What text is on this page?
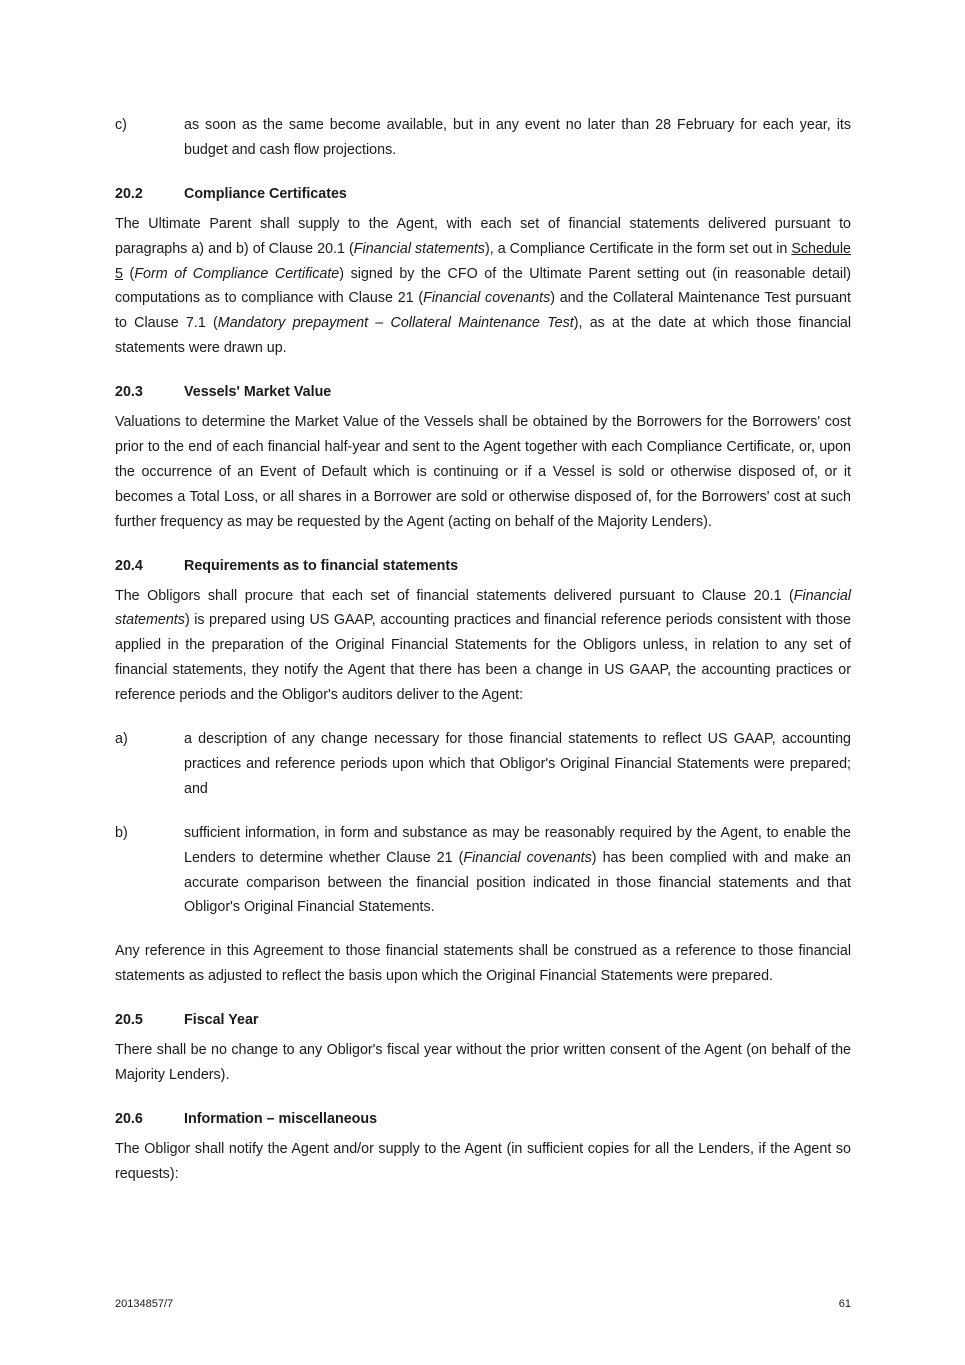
c)	as soon as the same become available, but in any event no later than 28 February for each year, its budget and cash flow projections.
20.2	Compliance Certificates

The Ultimate Parent shall supply to the Agent, with each set of financial statements delivered pursuant to paragraphs a) and b) of Clause 20.1 (Financial statements), a Compliance Certificate in the form set out in Schedule 5 (Form of Compliance Certificate) signed by the CFO of the Ultimate Parent setting out (in reasonable detail) computations as to compliance with Clause 21 (Financial covenants) and the Collateral Maintenance Test pursuant to Clause 7.1 (Mandatory prepayment – Collateral Maintenance Test), as at the date at which those financial statements were drawn up.

20.3	Vessels' Market Value

Valuations to determine the Market Value of the Vessels shall be obtained by the Borrowers for the Borrowers' cost prior to the end of each financial half-year and sent to the Agent together with each Compliance Certificate, or, upon the occurrence of an Event of Default which is continuing or if a Vessel is sold or otherwise disposed of, or it becomes a Total Loss, or all shares in a Borrower are sold or otherwise disposed of, for the Borrowers' cost at such further frequency as may be requested by the Agent (acting on behalf of the Majority Lenders).

20.4	Requirements as to financial statements

The Obligors shall procure that each set of financial statements delivered pursuant to Clause 20.1 (Financial statements) is prepared using US GAAP, accounting practices and financial reference periods consistent with those applied in the preparation of the Original Financial Statements for the Obligors unless, in relation to any set of financial statements, they notify the Agent that there has been a change in US GAAP, the accounting practices or reference periods and the Obligor's auditors deliver to the Agent:

a)	a description of any change necessary for those financial statements to reflect US GAAP, accounting practices and reference periods upon which that Obligor's Original Financial Statements were prepared; and
b)	sufficient information, in form and substance as may be reasonably required by the Agent, to enable the Lenders to determine whether Clause 21 (Financial covenants) has been complied with and make an accurate comparison between the financial position indicated in those financial statements and that Obligor's Original Financial Statements.

Any reference in this Agreement to those financial statements shall be construed as a reference to those financial statements as adjusted to reflect the basis upon which the Original Financial Statements were prepared.

20.5	Fiscal Year

There shall be no change to any Obligor's fiscal year without the prior written consent of the Agent (on behalf of the Majority Lenders).

20.6	Information – miscellaneous

The Obligor shall notify the Agent and/or supply to the Agent (in sufficient copies for all the Lenders, if the Agent so requests):

20134857/7	61
